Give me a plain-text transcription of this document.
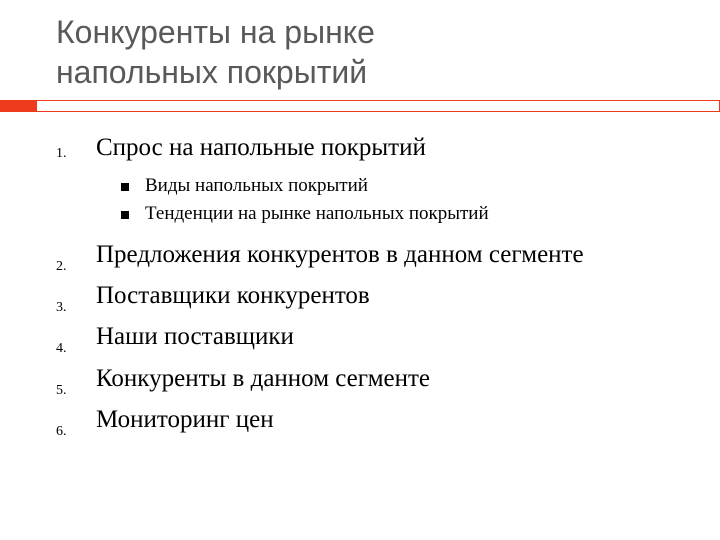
Конкуренты на рынке
напольных покрытий
1. Спрос на напольные покрытий
Виды напольных покрытий
Тенденции на рынке напольных покрытий
2. Предложения конкурентов в данном сегменте
3. Поставщики конкурентов
4. Наши поставщики
5. Конкуренты в данном сегменте
6. Мониторинг цен
